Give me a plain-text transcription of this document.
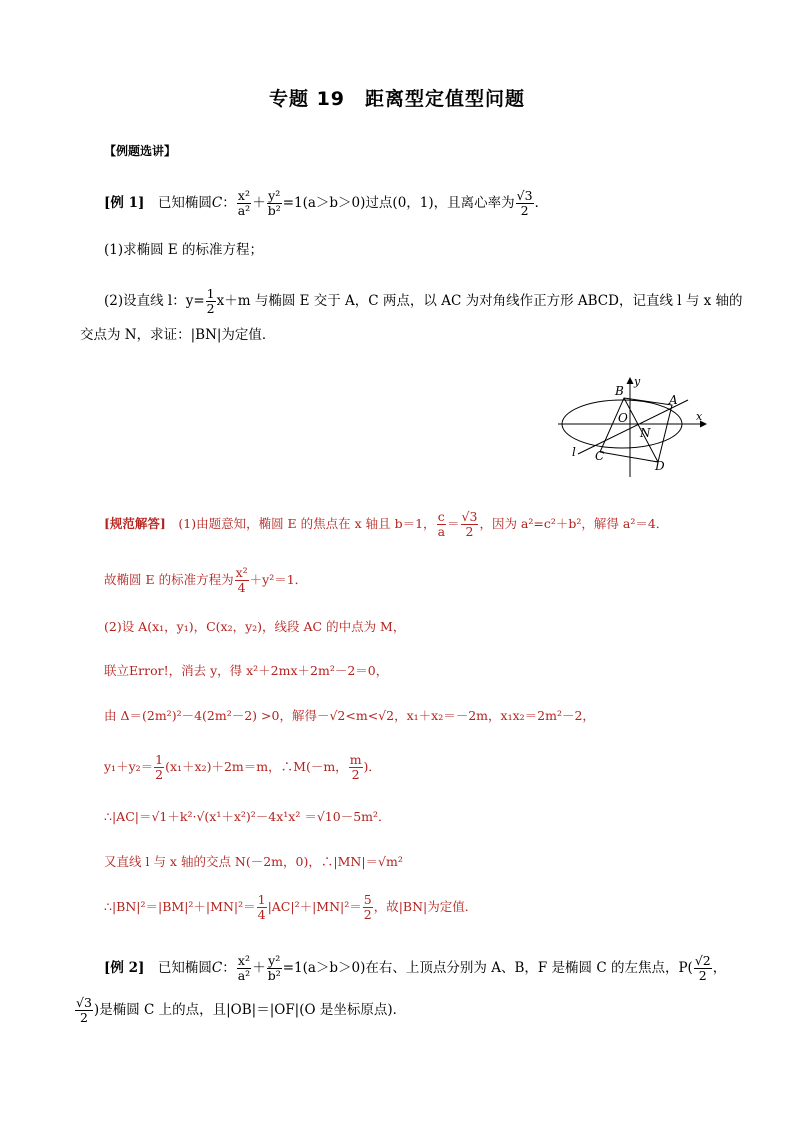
专题 19　距离型定值型问题
【例题选讲】
[例 1]　 已知椭圆C： $\frac{\text{x²}}{\text{a²}} + \frac{\text{y²}}{\text{b²}} =1(a>b>0)$过点(0，1)，且离心率为 $\frac{√3}{2}$ ．
(1)求椭圆 E 的标准方程；
(2)设直线 l：$y= \frac{1}{2} x+m$ 与椭圆 E 交于 A，C 两点，以 AC 为对角线作正方形 ABCD，记直线 l 与 x 轴的
交点为 N，求证：|BN|为定值．
B
y
A
x
O
N
l C
D
[规范解答]　 (1)由题意知，椭圆 E 的焦点在 x 轴且 b＝1， $\frac{c}{a} = \frac{√3}{2}$ ，因为 a²=c²＋b²，解得 a²＝4．
故椭圆 E 的标准方程为 $\frac{\text{x²}}{4} +y^2=1$．
(2)设 A(x₁，y₁)，C(x₂，y₂)，线段 AC 的中点为 M，
联立Error!，消去 y，得 x²＋2mx＋2m²－2＝0，
由 Δ＝(2m²)²－4(2m²－2) >0，解得－√2<m<√2，x₁＋x₂＝－2m，x₁x₂＝2m²－2，
$y_1+y_2= \frac{1}{2} (x_1+x_2)+2m=m$，∴M(－m， $\frac{m}{2}$ )．
∴|AC|＝√1＋k²·√(x¹＋x²)²－4x¹x² ＝√10－5m²．
又直线 l 与 x 轴的交点 N(－2m，0)，∴|MN|＝√m²
∴|BN|²＝|BM|²＋|MN|²＝ $\frac{1}{4} |AC|^2+|MN|^2= \frac{5}{2}$ ，故|BN|为定值．
[例 2]　 已知椭圆C： $\frac{\text{x²}}{\text{a²}} + \frac{\text{y²}}{\text{b²}} =1(a>b>0)$在右、上顶点分别为 A、B，F 是椭圆 C 的左焦点，$P( \frac{√2}{2}$ ，
$\frac{√3}{2}$ )是椭圆 C 上的点，且|OB|＝|OF|(O 是坐标原点)．
